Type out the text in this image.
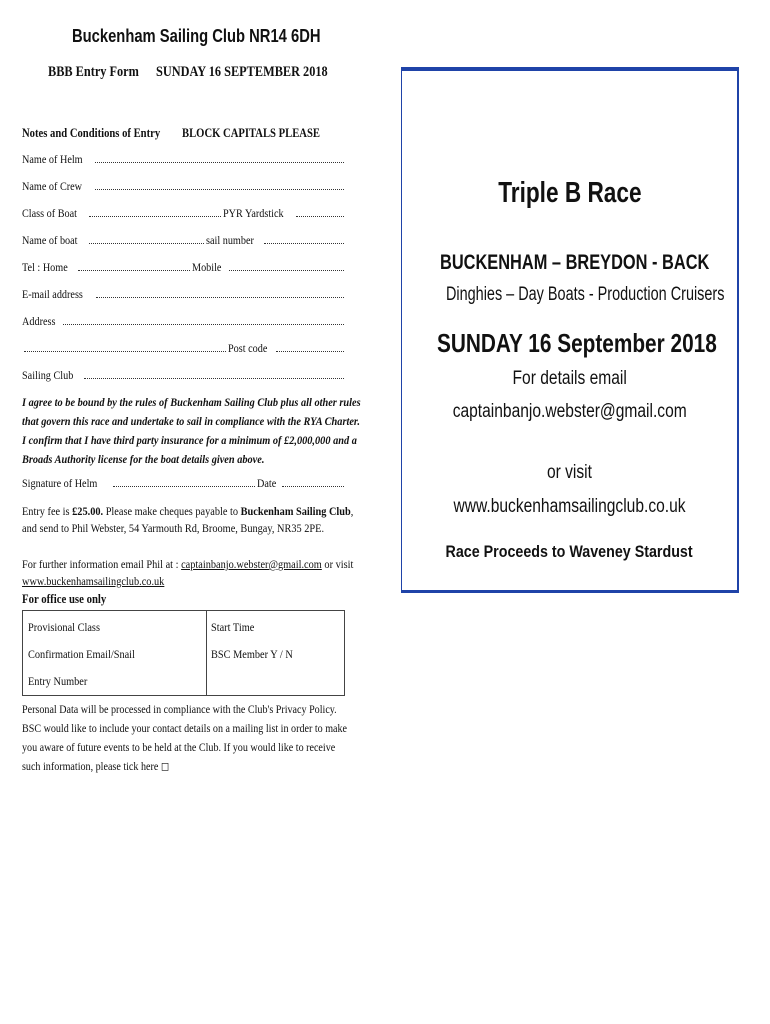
Buckenham Sailing Club NR14 6DH
BBB Entry Form SUNDAY 16 SEPTEMBER 2018
Notes and Conditions of Entry BLOCK CAPITALS PLEASE
Name of Helm
Name of Crew
Class of Boat	PYR Yardstick
Name of boat	sail number
Tel : Home	Mobile
E-mail address
Address
Post code
Sailing Club
I agree to be bound by the rules of Buckenham Sailing Club plus all other rules
that govern this race and undertake to sail in compliance with the RYA Charter.
I confirm that I have third party insurance for a minimum of £2,000,000 and a
Broads Authority license for the boat details given above.
Signature of Helm	Date
Entry fee is £25.00. Please make cheques payable to Buckenham Sailing Club,
and send to Phil Webster, 54 Yarmouth Rd, Broome, Bungay, NR35 2PE.
For further information email Phil at : captainbanjo.webster@gmail.com or visit
www.buckenhamsailingclub.co.uk
For office use only
Provisional Class	Start Time
Confirmation Email/Snail	BSC Member Y / N
Entry Number
Personal Data will be processed in compliance with the Club's Privacy Policy.
BSC would like to include your contact details on a mailing list in order to make
you aware of future events to be held at the Club. If you would like to receive
such information, please tick here ◻
Triple B Race
BUCKENHAM – BREYDON - BACK
Dinghies – Day Boats - Production Cruisers
SUNDAY 16 September 2018
For details email
captainbanjo.webster@gmail.com
or visit
www.buckenhamsailingclub.co.uk
Race Proceeds to Waveney Stardust
